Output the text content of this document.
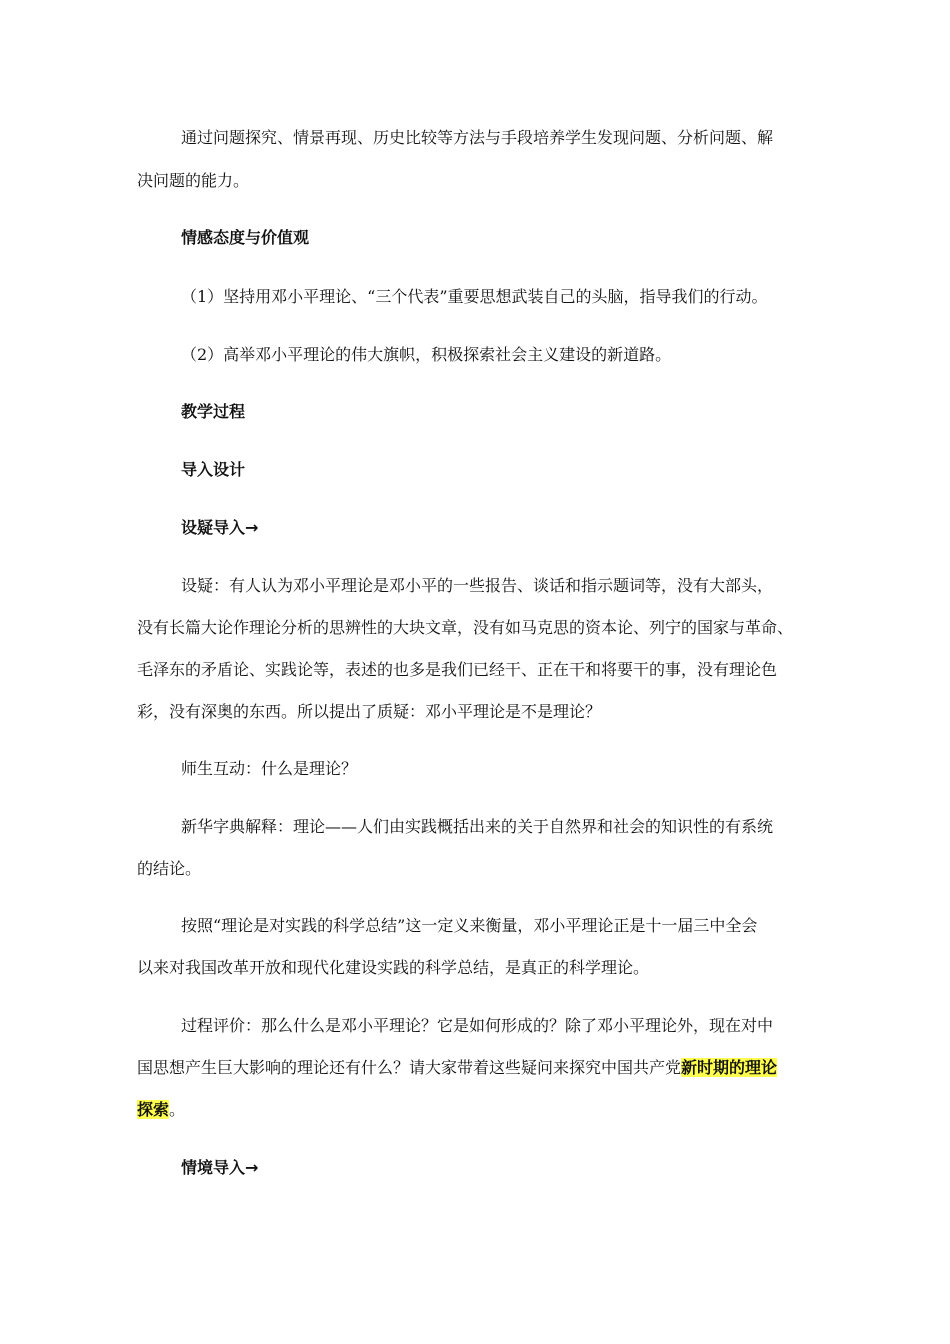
通过问题探究、情景再现、历史比较等方法与手段培养学生发现问题、分析问题、解
决问题的能力。
情感态度与价值观
（1）坚持用邓小平理论、“三个代表”重要思想武装自己的头脑，指导我们的行动。
（2）高举邓小平理论的伟大旗帜，积极探索社会主义建设的新道路。
教学过程
导入设计
设疑导入→
设疑：有人认为邓小平理论是邓小平的一些报告、谈话和指示题词等，没有大部头，
没有长篇大论作理论分析的思辨性的大块文章，没有如马克思的资本论、列宁的国家与革命、
毛泽东的矛盾论、实践论等，表述的也多是我们已经干、正在干和将要干的事，没有理论色
彩，没有深奥的东西。所以提出了质疑：邓小平理论是不是理论？
师生互动：什么是理论？
新华字典解释：理论——人们由实践概括出来的关于自然界和社会的知识性的有系统
的结论。
按照“理论是对实践的科学总结”这一定义来衡量，邓小平理论正是十一届三中全会
以来对我国改革开放和现代化建设实践的科学总结，是真正的科学理论。
过程评价：那么什么是邓小平理论？它是如何形成的？除了邓小平理论外，现在对中
国思想产生巨大影响的理论还有什么？请大家带着这些疑问来探究中国共产党新时期的理论
探索。
情境导入→
